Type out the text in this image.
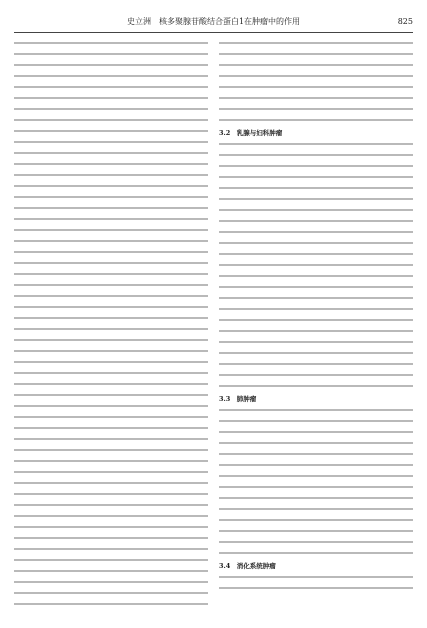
史立洲　核多聚腺苷酸结合蛋白1在肿瘤中的作用	825

3.2　乳腺与妇科肿瘤

3.3　肺肿瘤

3.4　消化系统肿瘤
